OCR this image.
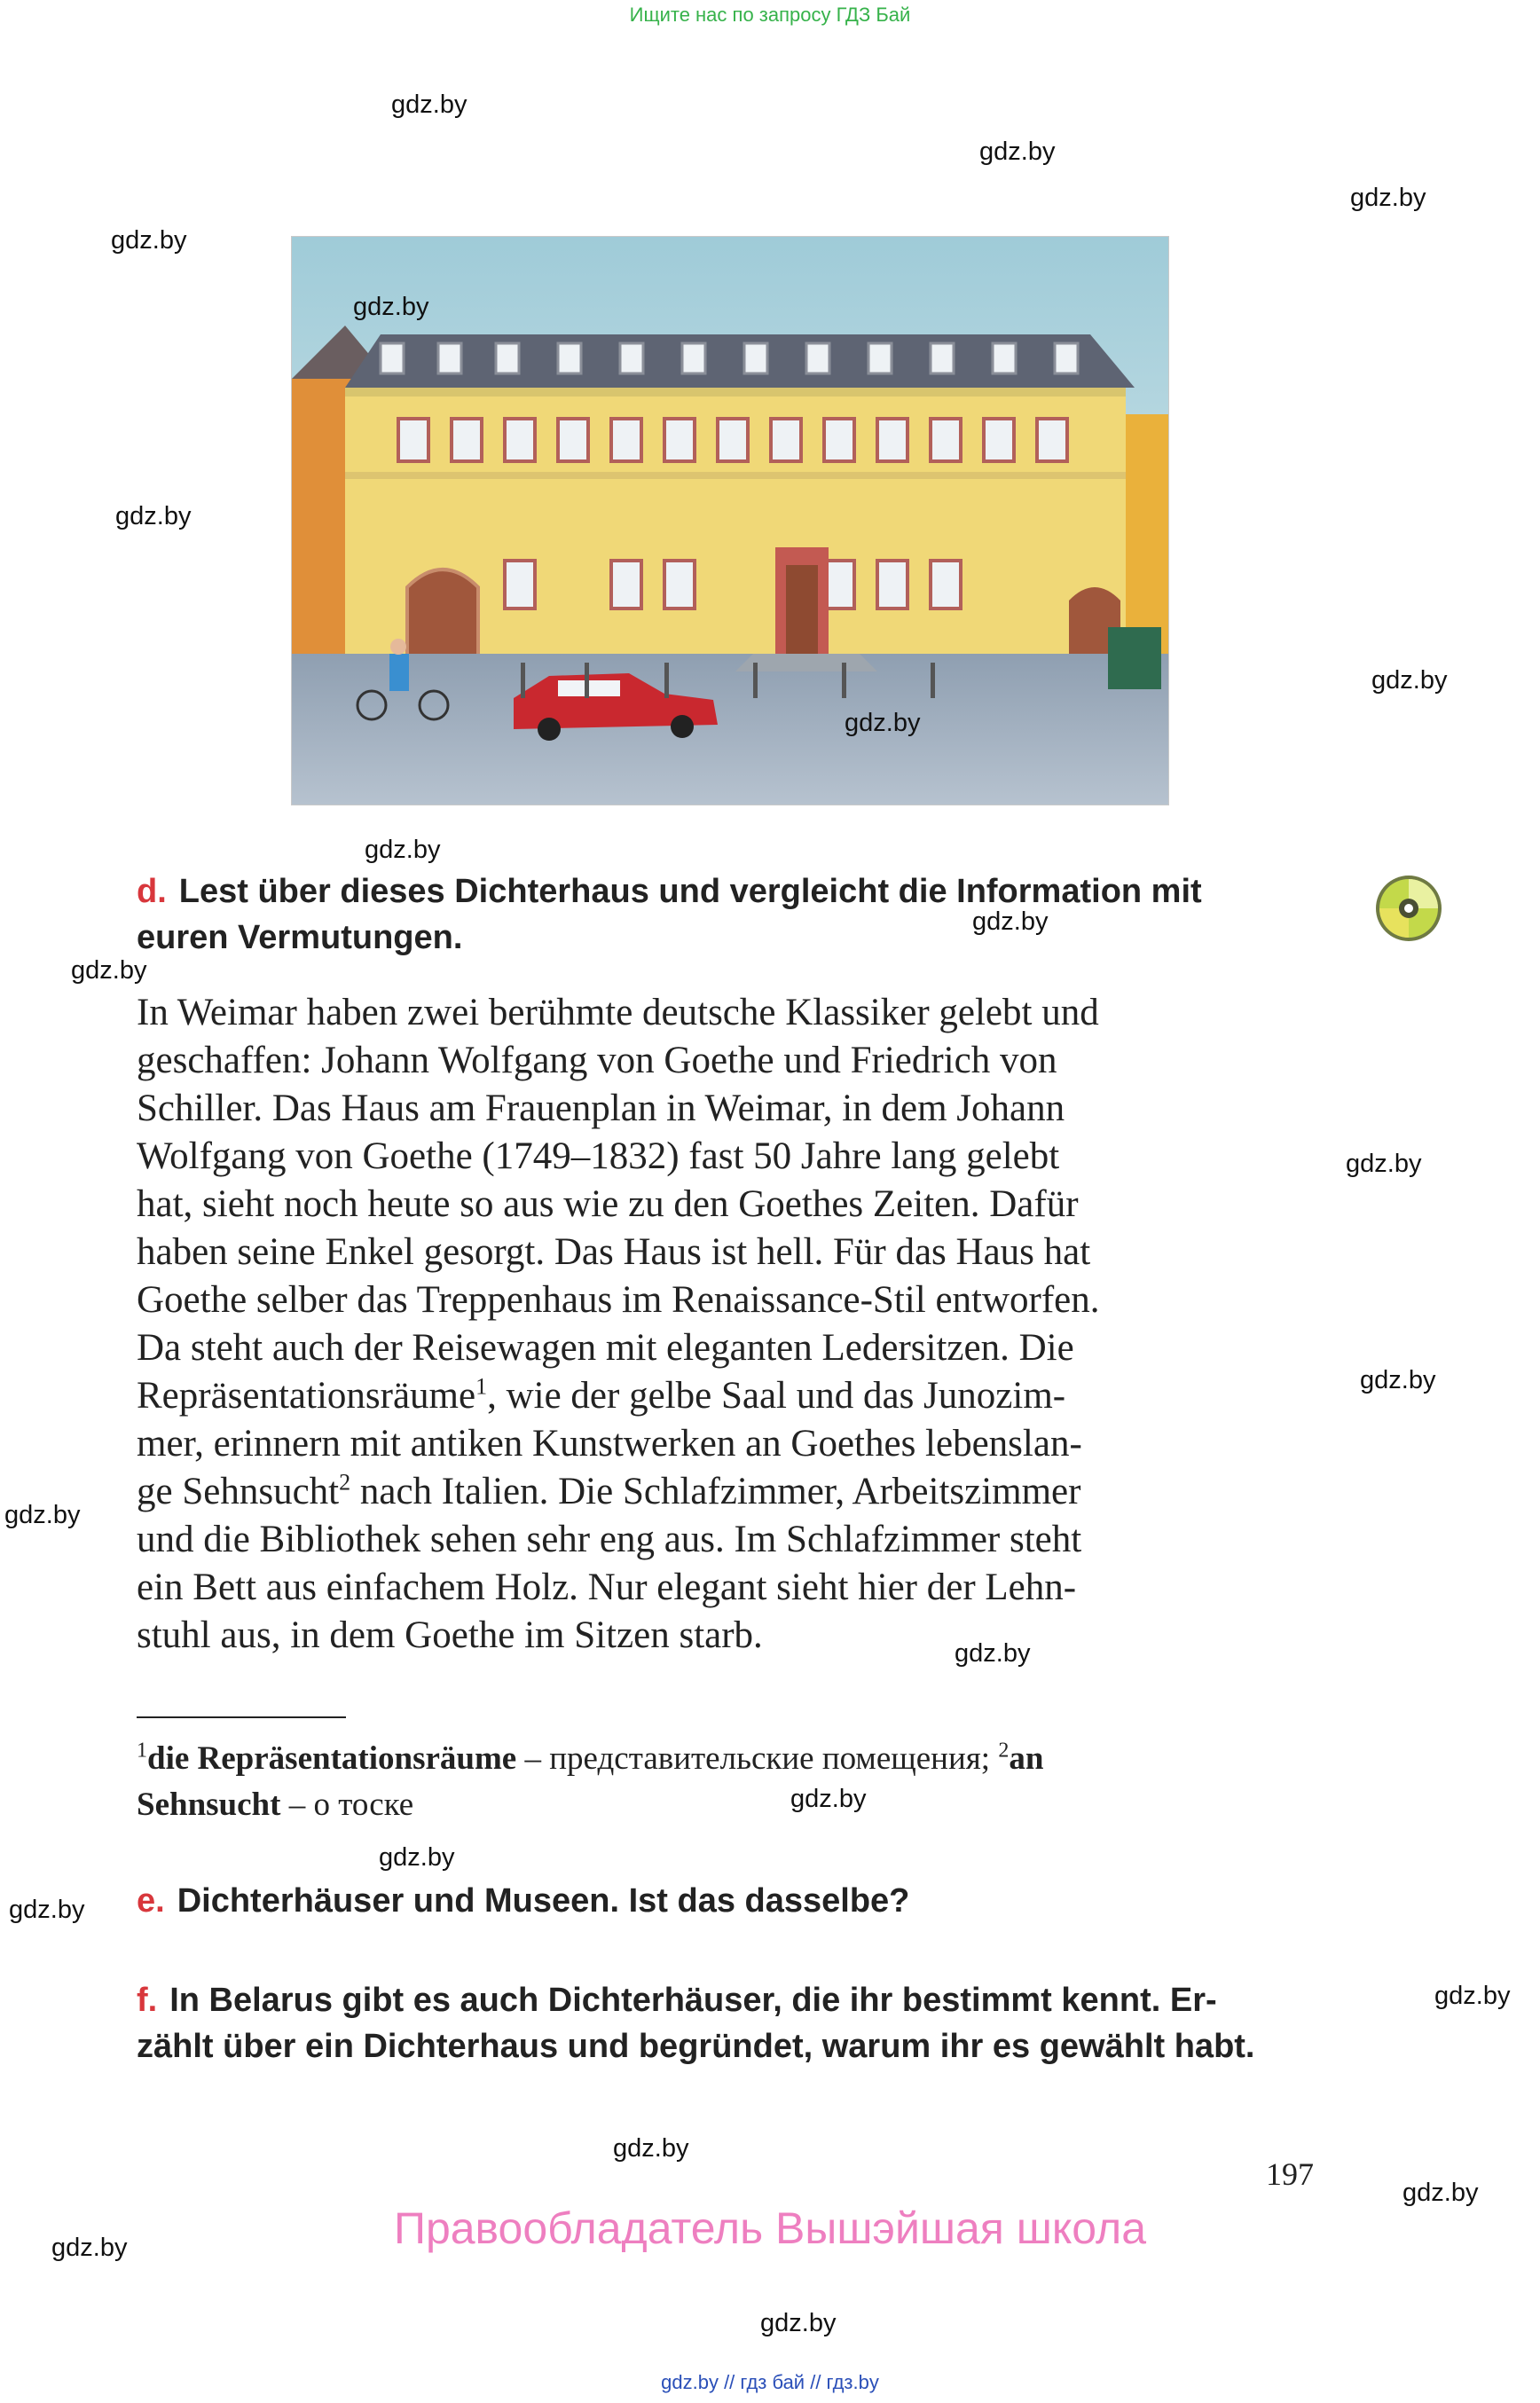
Ищите нас по запросу ГДЗ Бай
d. Lest über dieses Dichterhaus und vergleicht die Information mit
euren Vermutungen.
In Weimar haben zwei berühmte deutsche Klassiker gelebt und
geschaffen: Johann Wolfgang von Goethe und Friedrich von
Schiller. Das Haus am Frauenplan in Weimar, in dem Johann
Wolfgang von Goethe (1749–1832) fast 50 Jahre lang gelebt
hat, sieht noch heute so aus wie zu den Goethes Zeiten. Dafür
haben seine Enkel gesorgt. Das Haus ist hell. Für das Haus hat
Goethe selber das Treppenhaus im Renaissance-Stil entworfen.
Da steht auch der Reisewagen mit eleganten Ledersitzen. Die
Repräsentationsräume$^1$, wie der gelbe Saal und das Junozim-
mer, erinnern mit antiken Kunstwerken an Goethes lebenslan-
ge Sehnsucht$^2$ nach Italien. Die Schlafzimmer, Arbeitszimmer
und die Bibliothek sehen sehr eng aus. Im Schlafzimmer steht
ein Bett aus einfachem Holz. Nur elegant sieht hier der Lehn-
stuhl aus, in dem Goethe im Sitzen starb.
$^1$die Repräsentationsräume – представительские помещения; $^2$an
Sehnsucht – о тоске
e. Dichterhäuser und Museen. Ist das dasselbe?
f. In Belarus gibt es auch Dichterhäuser, die ihr bestimmt kennt. Er-
zählt über ein Dichterhaus und begründet, warum ihr es gewählt habt.
197
Правообладатель Вышэйшая школа
gdz.by // гдз бай // гдз.by
gdz.by
gdz.by
gdz.by
gdz.by
gdz.by
gdz.by
gdz.by
gdz.by
gdz.by
gdz.by
gdz.by
gdz.by
gdz.by
gdz.by
gdz.by
gdz.by
gdz.by
gdz.by
gdz.by
gdz.by
gdz.by
gdz.by
gdz.by
